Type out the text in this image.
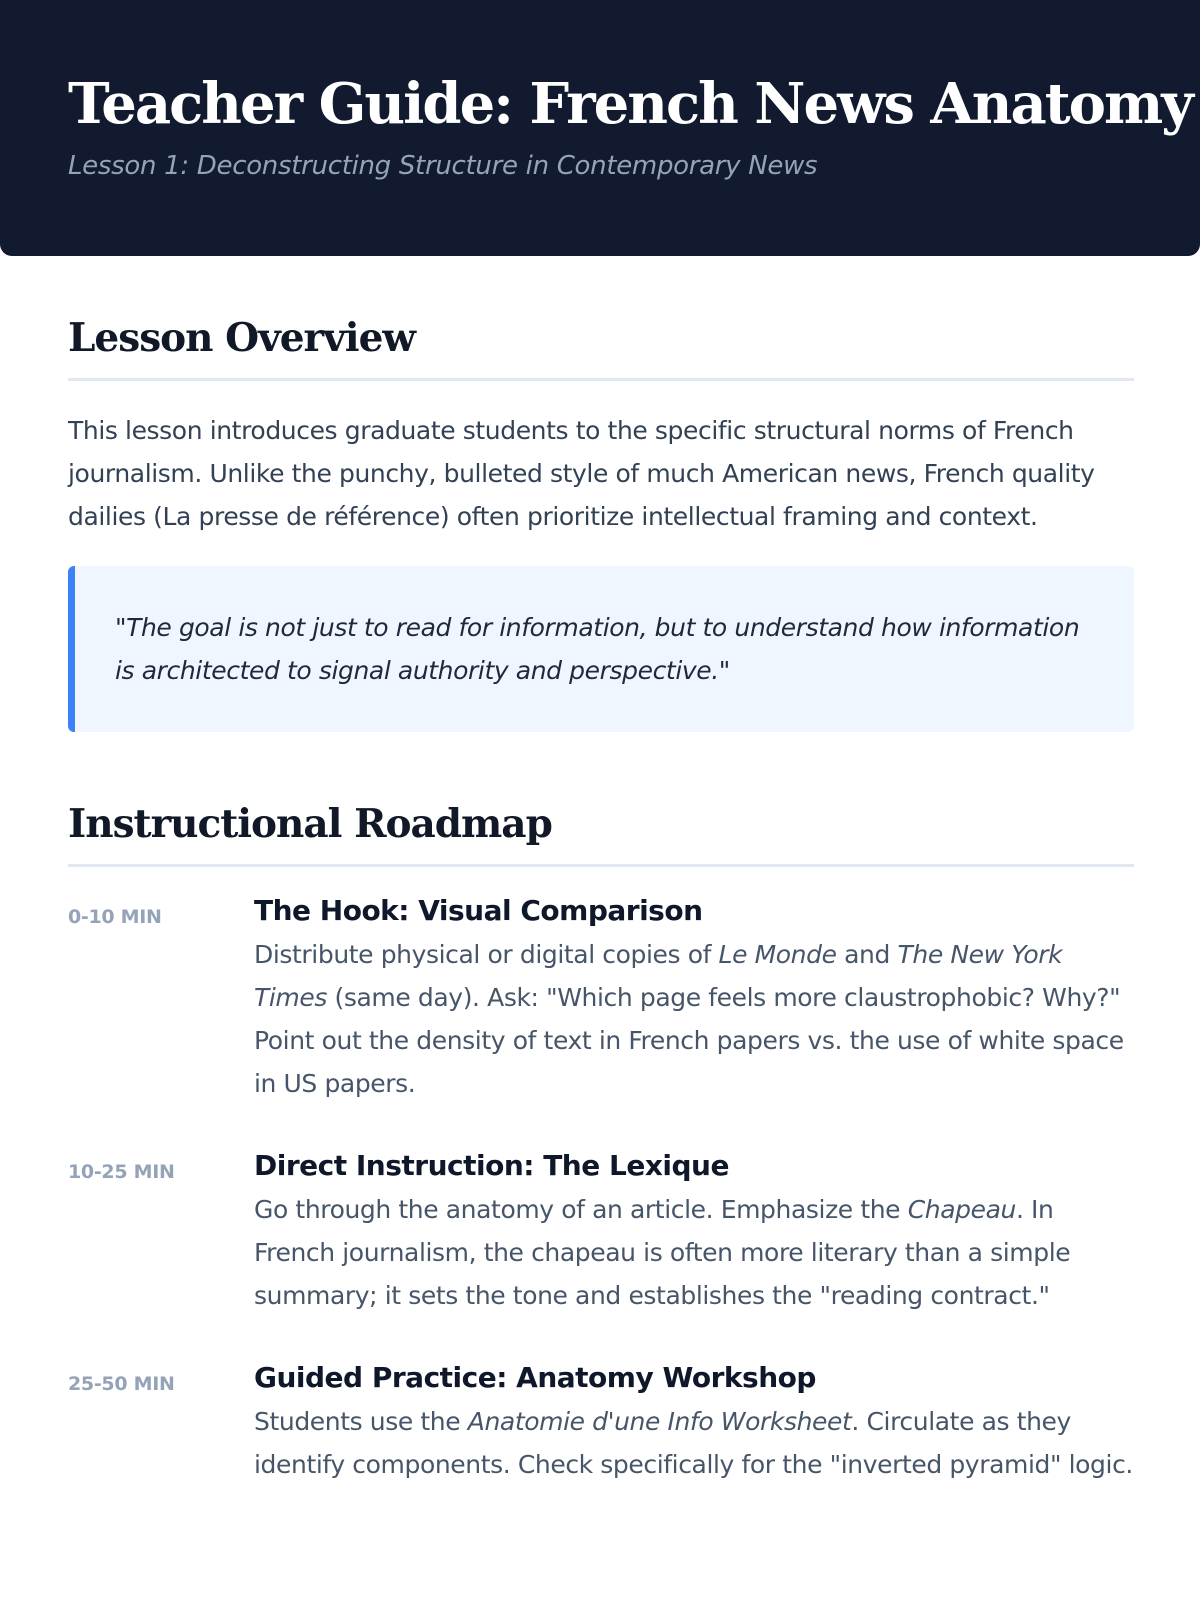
Teacher Guide: French News Anatomy
Lesson 1: Deconstructing Structure in Contemporary News
Lesson Overview

This lesson introduces graduate students to the specific structural norms of French journalism. Unlike the punchy, bulleted style of much American news, French quality dailies (La presse de référence) often prioritize intellectual framing and context.

"The goal is not just to read for information, but to understand how information is architected to signal authority and perspective."
Instructional Roadmap
0-10 MIN	The Hook: Visual Comparison

Distribute physical or digital copies of Le Monde and The New York Times (same day). Ask: "Which page feels more claustrophobic? Why?" Point out the density of text in French papers vs. the use of white space in US papers.

10-25 MIN	Direct Instruction: The Lexique

Go through the anatomy of an article. Emphasize the Chapeau. In French journalism, the chapeau is often more literary than a simple summary; it sets the tone and establishes the "reading contract."

25-50 MIN	Guided Practice: Anatomy Workshop

Students use the Anatomie d'une Info Worksheet. Circulate as they identify components. Check specifically for the "inverted pyramid" logic.
